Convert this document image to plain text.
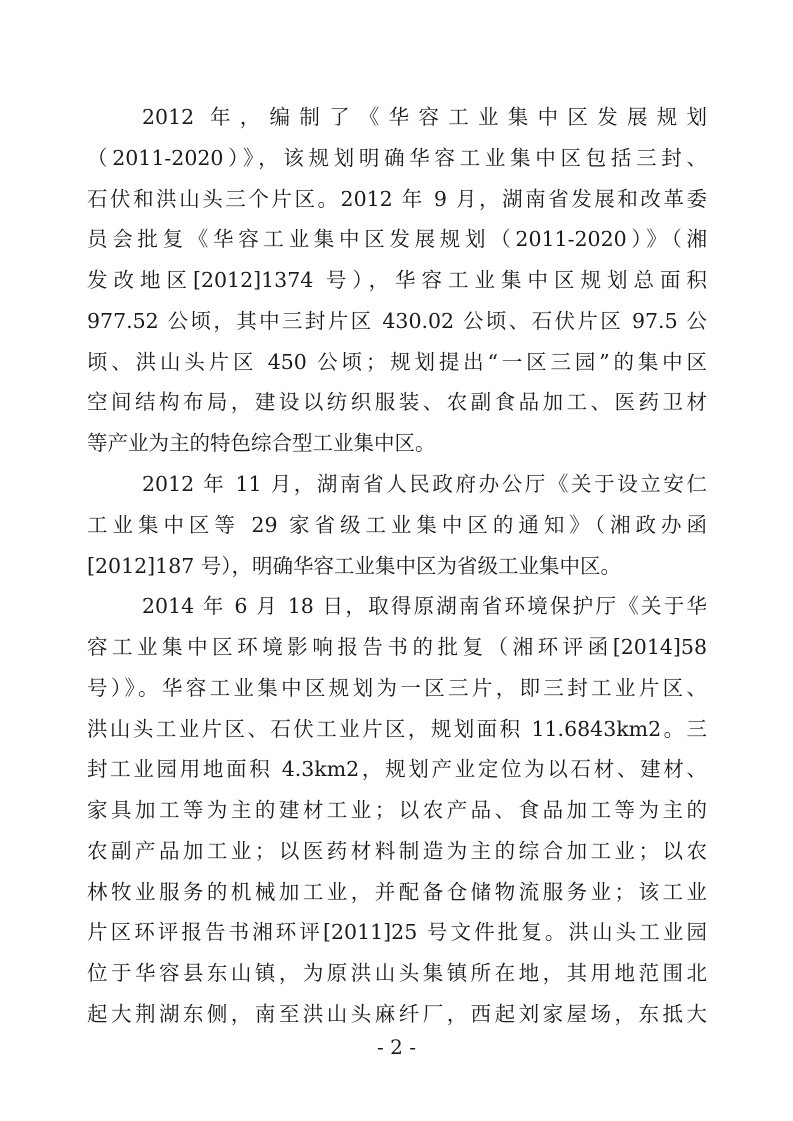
2012 年，编制了《华容工业集中区发展规划
（2011-2020）》，该规划明确华容工业集中区包括三封、
石伏和洪山头三个片区。2012 年 9 月，湖南省发展和改革委
员会批复《华容工业集中区发展规划（2011-2020）》（湘
发改地区[2012]1374 号），华容工业集中区规划总面积
977.52 公顷，其中三封片区 430.02 公顷、石伏片区 97.5 公
顷、洪山头片区 450 公顷；规划提出“一区三园”的集中区
空间结构布局，建设以纺织服装、农副食品加工、医药卫材
等产业为主的特色综合型工业集中区。
2012 年 11 月，湖南省人民政府办公厅《关于设立安仁
工业集中区等 29 家省级工业集中区的通知》（湘政办函
[2012]187 号），明确华容工业集中区为省级工业集中区。
2014 年 6 月 18 日，取得原湖南省环境保护厅《关于华
容工业集中区环境影响报告书的批复（湘环评函[2014]58
号）》。华容工业集中区规划为一区三片，即三封工业片区、
洪山头工业片区、石伏工业片区，规划面积 11.6843km2。三
封工业园用地面积 4.3km2，规划产业定位为以石材、建材、
家具加工等为主的建材工业；以农产品、食品加工等为主的
农副产品加工业；以医药材料制造为主的综合加工业；以农
林牧业服务的机械加工业，并配备仓储物流服务业；该工业
片区环评报告书湘环评[2011]25 号文件批复。洪山头工业园
位于华容县东山镇，为原洪山头集镇所在地，其用地范围北
- 2 -
起大荆湖东侧，南至洪山头麻纤厂，西起刘家屋场，东抵大
